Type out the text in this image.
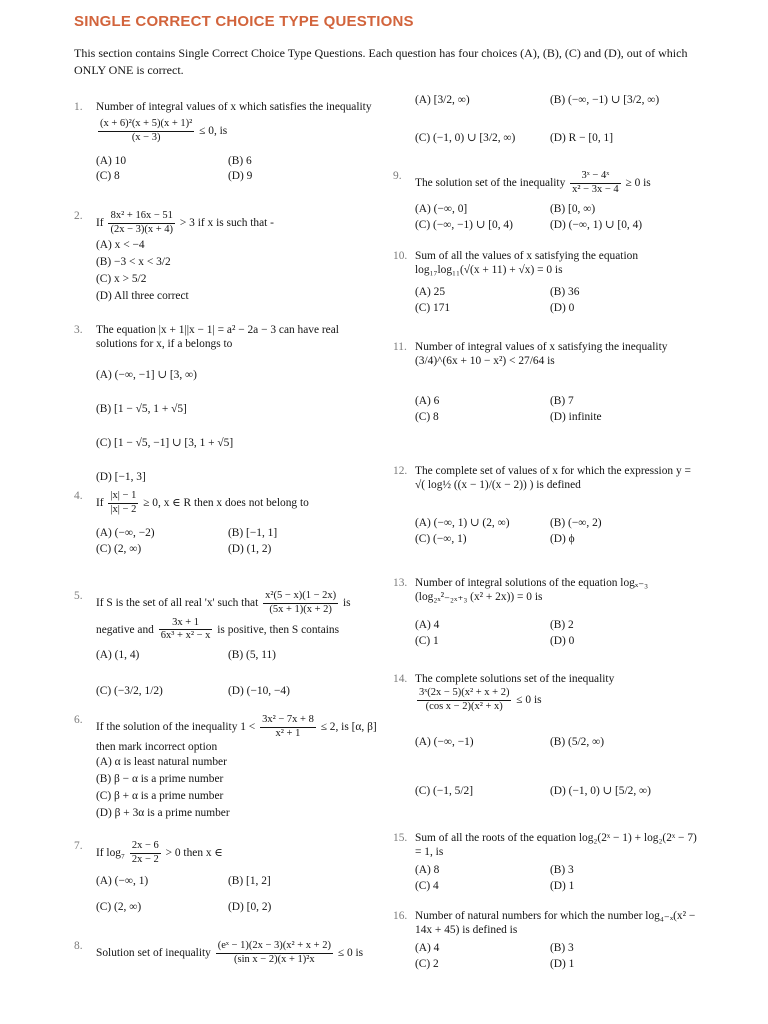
SINGLE CORRECT CHOICE TYPE QUESTIONS
This section contains Single Correct Choice Type Questions. Each question has four choices (A), (B), (C) and (D), out of which ONLY ONE is correct.
1. Number of integral values of x which satisfies the inequality
$\frac{\text{(x + 6)²(x + 5)(x + 1)²}}{(x - 3)} \le 0$, is
(A) 10	(B) 6
(C) 8	(D) 9
2.
If $\frac{\text{8x² + 16x − 51}}{(2x - 3)(x + 4)} > 3$ if x is such that -
(A) x < −4
(B) −3 < x < 3/2
(C) x > 5/2
(D) All three correct
3. The equation |x + 1||x − 1| = a² − 2a − 3 can have real solutions for x, if a belongs to
(A) (−∞, −1] ∪ [3, ∞)
(B) [1 − √5, 1 + √5]
(C) [1 − √5, −1] ∪ [3, 1 + √5]
(D) [−1, 3]
4.
If $\frac{|x| - 1}{|x| - 2} \ge 0$, x ∈ R then x does not belong to
(A) (−∞, −2)	(B) [−1, 1]
(C) (2, ∞)	(D) (1, 2)
5.
If S is the set of all real 'x' such that $\frac{\text{x²(5 − x)(1 − 2x)}}{(5x + 1)(x + 2)}$ is negative and $\frac{3x + 1}{\text{6x³ + x² − x}}$ is positive, then S contains
(A) (1, 4)	(B) (5, 11)
(C) (−3/2, 1/2)	(D) (−10, −4)
6.
If the solution of the inequality $1 < \frac{\text{3x² − 7x + 8}}{\text{x² + 1}} \le 2$, is [α, β] then mark incorrect option
(A) α is least natural number
(B) β − α is a prime number
(C) β + α is a prime number
(D) β + 3α is a prime number
7.
If $\log_7 \frac{2x - 6}{2x - 2} > 0$ then x ∈
(A) (−∞, 1)	(B) [1, 2]
(C) (2, ∞)	(D) [0, 2)
8.
Solution set of inequality $\frac{\text{(eˣ − 1)(2x − 3)(x² + x + 2)}}{\text{(sin x − 2)(x + 1)²x}} \le 0$ is
(A) [3/2, ∞)	(B) (−∞, −1) ∪ [3/2, ∞)
(C) (−1, 0) ∪ [3/2, ∞)	(D) R − [0, 1]
9.
The solution set of the inequality $\frac{\text{3ˣ − 4ˣ}}{\text{x² − 3x − 4}} \ge 0$ is
(A) (−∞, 0]	(B) [0, ∞)
(C) (−∞, −1) ∪ [0, 4)	(D) (−∞, 1) ∪ [0, 4)
10. Sum of all the values of x satisfying the equation log₁₇log₁₁(√(x + 11) + √x) = 0 is
(A) 25	(B) 36
(C) 171	(D) 0
11. Number of integral values of x satisfying the inequality (3/4)^(6x + 10 − x²) < 27/64 is
(A) 6	(B) 7
(C) 8	(D) infinite
12. The complete set of values of x for which the expression y = √( log½ ((x − 1)/(x − 2)) ) is defined
(A) (−∞, 1) ∪ (2, ∞)	(B) (−∞, 2)
(C) (−∞, 1)	(D) ϕ
13. Number of integral solutions of the equation logₓ₋₃ (log₂ₓ²₋₂ₓ₊₃ (x² + 2x)) = 0 is
(A) 4	(B) 2
(C) 1	(D) 0
14. The complete solutions set of the inequality
$\frac{\text{3ˣ(2x − 5)(x² + x + 2)}}{\text{(cos x − 2)(x² + x)}} \le 0$ is
(A) (−∞, −1)	(B) (5/2, ∞)
(C) (−1, 5/2]	(D) (−1, 0) ∪ [5/2, ∞)
15. Sum of all the roots of the equation log₂(2ˣ − 1) + log₂(2ˣ − 7) = 1, is
(A) 8	(B) 3
(C) 4	(D) 1
16. Number of natural numbers for which the number log₄₋ₓ(x² − 14x + 45) is defined is
(A) 4	(B) 3
(C) 2	(D) 1
